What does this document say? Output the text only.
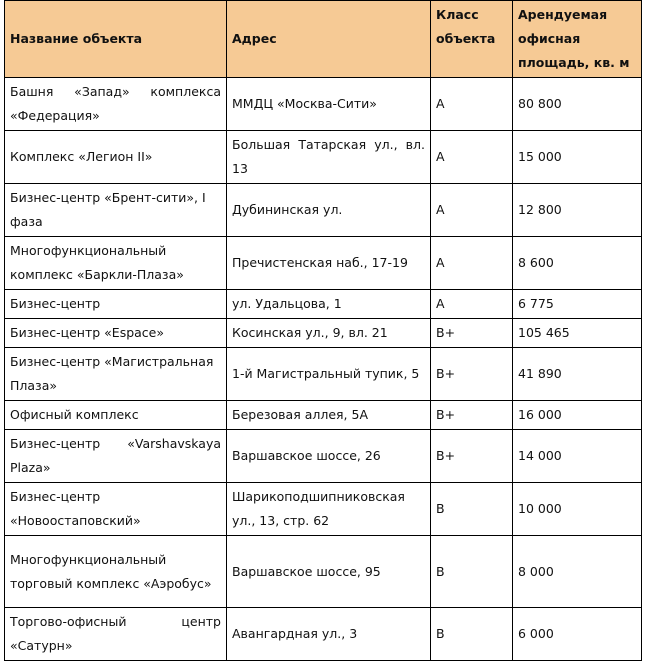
Название объекта	Адрес	Класс объекта	Арендуемая офисная площадь, кв. м
Башня «Запад» комплекса «Федерация»	ММДЦ «Москва-Сити»	A	80 800
Комплекс «Легион II»	Большая Татарская ул., вл. 13	A	15 000
Бизнес-центр «Брент-сити», I фаза	Дубининская ул.	A	12 800
Многофункциональный комплекс «Баркли-Плаза»	Пречистенская наб., 17-19	A	8 600
Бизнес-центр	ул. Удальцова, 1	A	6 775
Бизнес-центр «Espace»	Косинская ул., 9, вл. 21	B+	105 465
Бизнес-центр «Магистральная Плаза»	1-й Магистральный тупик, 5	B+	41 890
Офисный комплекс	Березовая аллея, 5А	B+	16 000
Бизнес-центр «Varshavskaya Plaza»	Варшавское шоссе, 26	B+	14 000
Бизнес-центр «Новоостаповский»	Шарикоподшипниковская ул., 13, стр. 62	B	10 000
Многофункциональный торговый комплекс «Аэробус»	Варшавское шоссе, 95	B	8 000
Торгово-офисный центр «Сатурн»	Авангардная ул., 3	B	6 000
